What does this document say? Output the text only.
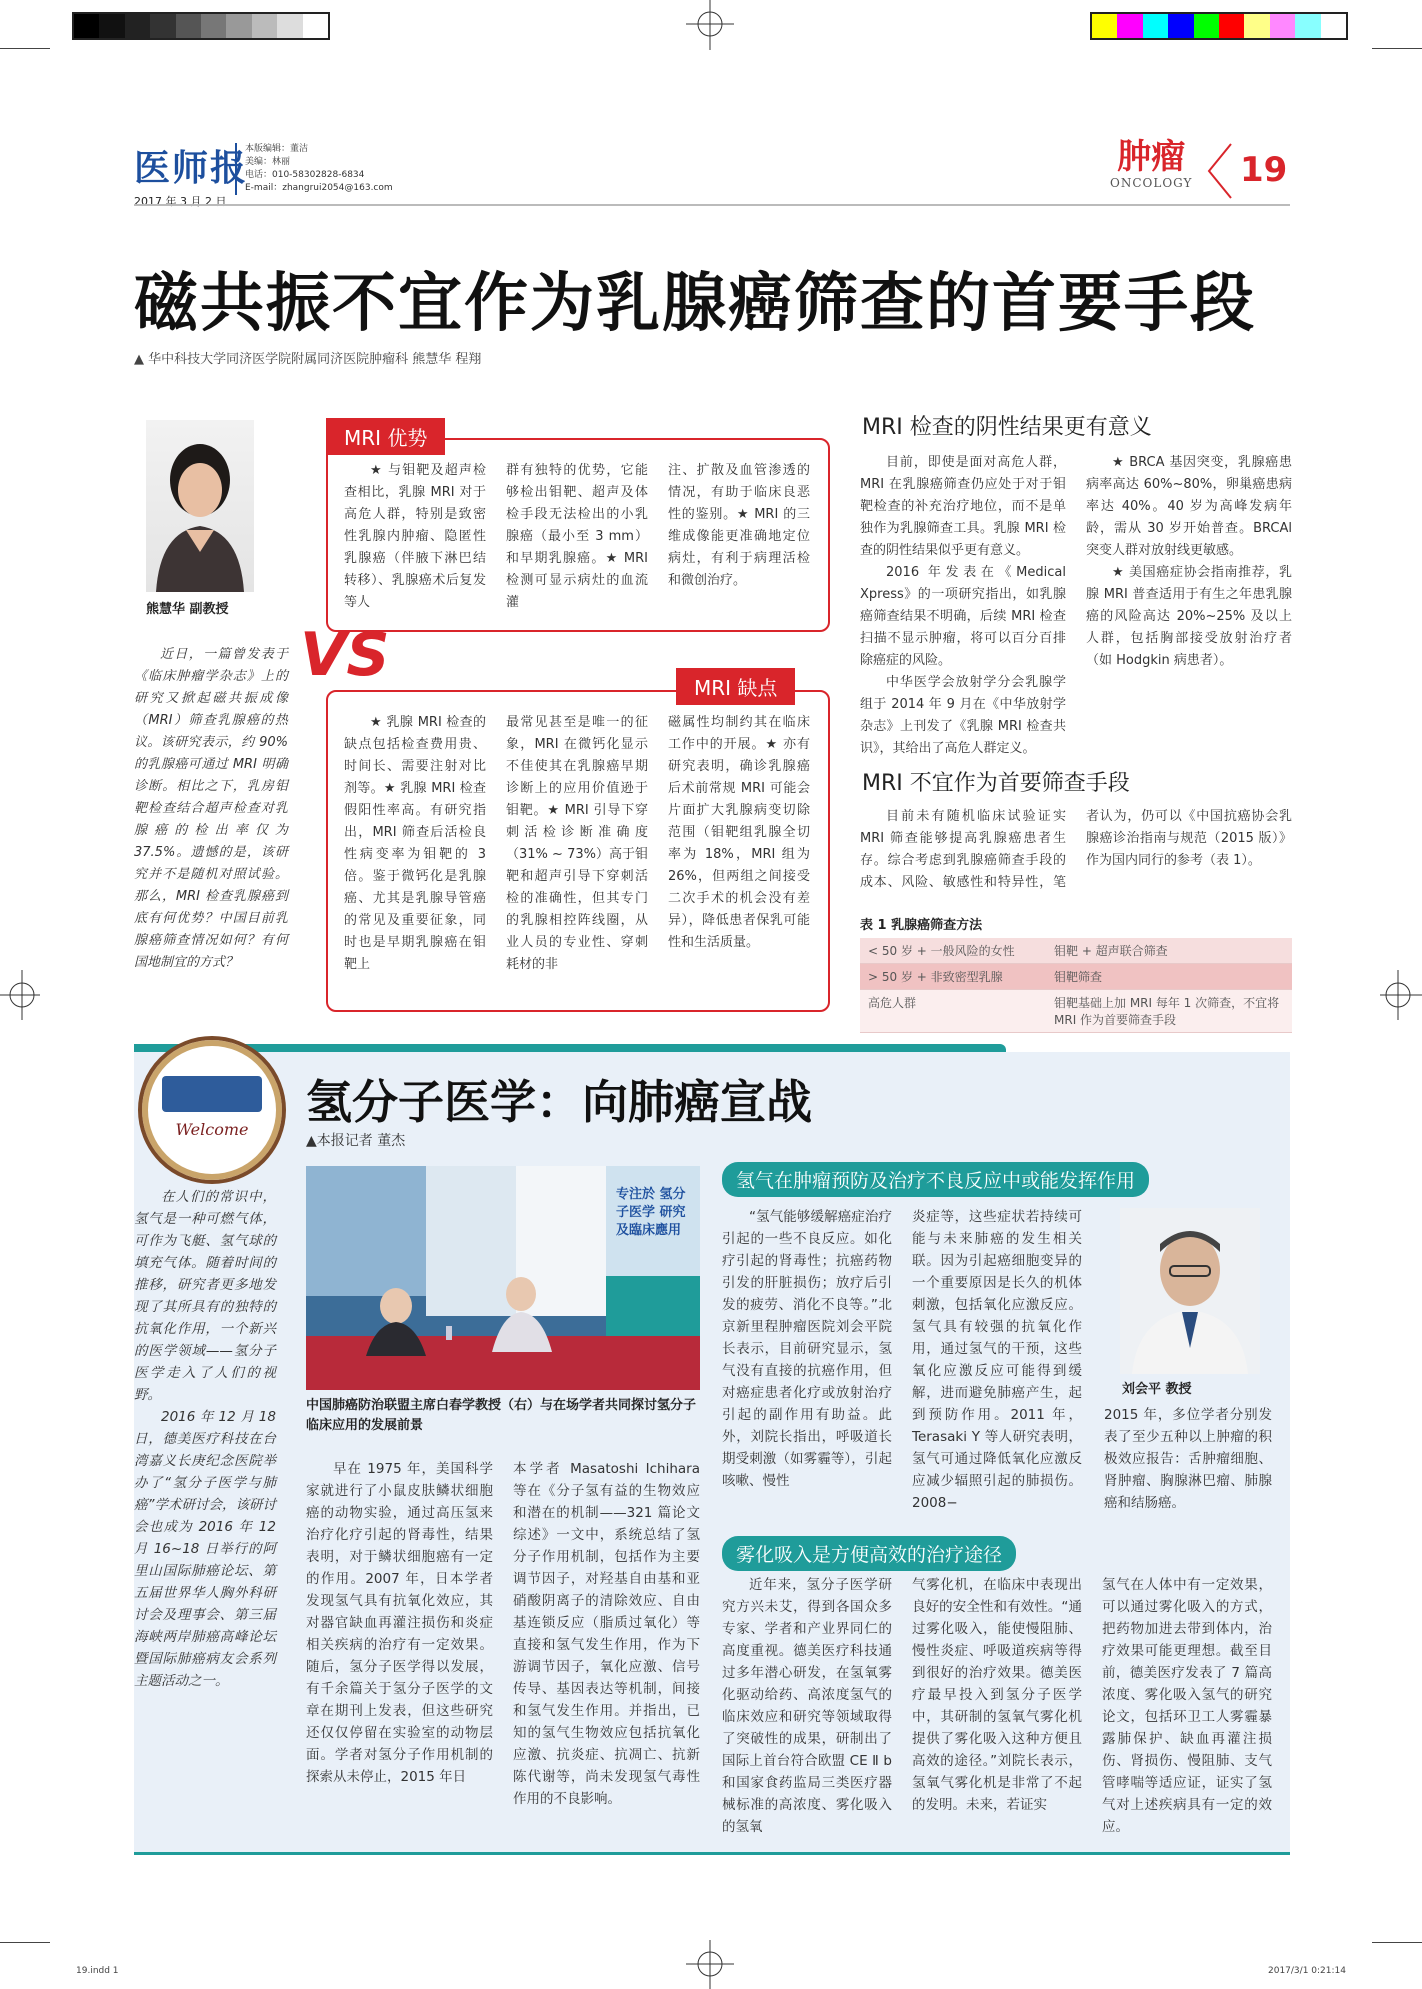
医师报
2017 年 3 月 2 日
本版编辑：董洁
美编：林丽
电话：010-58302828-6834
E-mail：zhangrui2054@163.com
肿瘤
ONCOLOGY 19
磁共振不宜作为乳腺癌筛查的首要手段
▲ 华中科技大学同济医学院附属同济医院肿瘤科 熊慧华 程翔
熊慧华 副教授
近日，一篇曾发表于《临床肿瘤学杂志》上的研究又掀起磁共振成像（MRI）筛查乳腺癌的热议。该研究表示，约 90% 的乳腺癌可通过 MRI 明确诊断。相比之下，乳房钼靶检查结合超声检查对乳腺癌的检出率仅为 37.5%。遗憾的是，该研究并不是随机对照试验。那么，MRI 检查乳腺癌到底有何优势？中国目前乳腺癌筛查情况如何？有何国地制宜的方式？
MRI 优势
★ 与钼靶及超声检查相比，乳腺 MRI 对于高危人群，特别是致密性乳腺内肿瘤、隐匿性乳腺癌（伴腋下淋巴结转移）、乳腺癌术后复发等人
群有独特的优势，它能够检出钼靶、超声及体检手段无法检出的小乳腺癌（最小至 3 mm）和早期乳腺癌。★ MRI 检测可显示病灶的血流灌
注、扩散及血管渗透的情况，有助于临床良恶性的鉴别。★ MRI 的三维成像能更准确地定位病灶，有利于病理活检和微创治疗。
VS	MRI 缺点
★ 乳腺 MRI 检查的缺点包括检查费用贵、时间长、需要注射对比剂等。★ 乳腺 MRI 检查假阳性率高。有研究指出，MRI 筛查后活检良性病变率为钼靶的 3 倍。鉴于微钙化是乳腺癌、尤其是乳腺导管癌的常见及重要征象，同时也是早期乳腺癌在钼靶上
最常见甚至是唯一的征象，MRI 在微钙化显示不佳使其在乳腺癌早期诊断上的应用价值逊于钼靶。★ MRI 引导下穿刺活检诊断准确度（31% ~ 73%）高于钼靶和超声引导下穿刺活检的准确性，但其专门的乳腺相控阵线圈，从业人员的专业性、穿刺耗材的非
磁属性均制约其在临床工作中的开展。★ 亦有研究表明，确诊乳腺癌后术前常规 MRI 可能会片面扩大乳腺病变切除范围（钼靶组乳腺全切率为 18%，MRI 组为 26%，但两组之间接受二次手术的机会没有差异），降低患者保乳可能性和生活质量。
MRI 检查的阴性结果更有意义

目前，即使是面对高危人群，MRI 在乳腺癌筛查仍应处于对于钼靶检查的补充治疗地位，而不是单独作为乳腺筛查工具。乳腺 MRI 检查的阴性结果似乎更有意义。

2016 年发表在《Medical Xpress》的一项研究指出，如乳腺癌筛查结果不明确，后续 MRI 检查扫描不显示肿瘤，将可以百分百排除癌症的风险。

中华医学会放射学分会乳腺学组于 2014 年 9 月在《中华放射学杂志》上刊发了《乳腺 MRI 检查共识》，其给出了高危人群定义。

★ BRCA 基因突变，乳腺癌患病率高达 60%~80%，卵巢癌患病率达 40%。40 岁为高峰发病年龄，需从 30 岁开始普查。BRCAl 突变人群对放射线更敏感。

★ 美国癌症协会指南推荐，乳腺 MRI 普查适用于有生之年患乳腺癌的风险高达 20%~25% 及以上人群，包括胸部接受放射治疗者（如 Hodgkin 病患者）。

MRI 不宜作为首要筛查手段
目前未有随机临床试验证实 MRI 筛查能够提高乳腺癌患者生存。综合考虑到乳腺癌筛查手段的成本、风险、敏感性和特异性，笔者认为，仍可以《中国抗癌协会乳腺癌诊治指南与规范（2015 版）》作为国内同行的参考（表 1）。
表 1 乳腺癌筛查方法
< 50 岁 + 一般风险的女性	钼靶 + 超声联合筛查
> 50 岁 + 非致密型乳腺	钼靶筛查
高危人群	钼靶基础上加 MRI 每年 1 次筛查，不宜将 MRI 作为首要筛查手段
Welcome
氢分子医学：向肺癌宣战
▲本报记者 董杰
在人们的常识中，氢气是一种可燃气体，可作为飞艇、氢气球的填充气体。随着时间的推移，研究者更多地发现了其所具有的独特的抗氧化作用，一个新兴的医学领域——氢分子医学走入了人们的视野。
2016 年 12 月 18 日，德美医疗科技在台湾嘉义长庚纪念医院举办了“氢分子医学与肺癌”学术研讨会，该研讨会也成为 2016 年 12 月 16~18 日举行的阿里山国际肺癌论坛、第五届世界华人胸外科研讨会及理事会、第三届海峡两岸肺癌高峰论坛暨国际肺癌病友会系列主题活动之一。
专注於 氢分子医学 研究及臨床應用
中国肺癌防治联盟主席白春学教授（右）与在场学者共同探讨氢分子临床应用的发展前景
早在 1975 年，美国科学家就进行了小鼠皮肤鳞状细胞癌的动物实验，通过高压氢来治疗化疗引起的肾毒性，结果表明，对于鳞状细胞癌有一定的作用。2007 年，日本学者发现氢气具有抗氧化效应，其对器官缺血再灌注损伤和炎症相关疾病的治疗有一定效果。随后，氢分子医学得以发展，有千余篇关于氢分子医学的文章在期刊上发表，但这些研究还仅仅停留在实验室的动物层面。学者对氢分子作用机制的探索从未停止，2015 年日
本学者 Masatoshi Ichihara 等在《分子氢有益的生物效应和潜在的机制——321 篇论文综述》一文中，系统总结了氢分子作用机制，包括作为主要调节因子，对羟基自由基和亚硝酸阴离子的清除效应、自由基连锁反应（脂质过氧化）等直接和氢气发生作用，作为下游调节因子，氧化应激、信号传导、基因表达等机制，间接和氢气发生作用。并指出，已知的氢气生物效应包括抗氧化应激、抗炎症、抗凋亡、抗新陈代谢等，尚未发现氢气毒性作用的不良影响。
氢气在肿瘤预防及治疗不良反应中或能发挥作用
“氢气能够缓解癌症治疗引起的一些不良反应。如化疗引起的肾毒性；抗癌药物引发的肝脏损伤；放疗后引发的疲劳、消化不良等。”北京新里程肿瘤医院刘会平院长表示，目前研究显示，氢气没有直接的抗癌作用，但对癌症患者化疗或放射治疗引起的副作用有助益。此外，刘院长指出，呼吸道长期受刺激（如雾霾等），引起咳嗽、慢性
炎症等，这些症状若持续可能与未来肺癌的发生相关联。因为引起癌细胞变异的一个重要原因是长久的机体刺激，包括氧化应激反应。氢气具有较强的抗氧化作用，通过氢气的干预，这些氧化应激反应可能得到缓解，进而避免肺癌产生，起到预防作用。2011 年，Terasaki Y 等人研究表明，氢气可通过降低氧化应激反应减少辐照引起的肺损伤。2008−
刘会平 教授
2015 年，多位学者分别发表了至少五种以上肿瘤的积极效应报告：舌肿瘤细胞、肾肿瘤、胸腺淋巴瘤、肺腺癌和结肠癌。
雾化吸入是方便高效的治疗途径
近年来，氢分子医学研究方兴未艾，得到各国众多专家、学者和产业界同仁的高度重视。德美医疗科技通过多年潜心研发，在氢氧雾化驱动给药、高浓度氢气的临床效应和研究等领域取得了突破性的成果，研制出了国际上首台符合欧盟 CE Ⅱ b 和国家食药监局三类医疗器械标准的高浓度、雾化吸入的氢氧
气雾化机，在临床中表现出良好的安全性和有效性。“通过雾化吸入，能使慢阻肺、慢性炎症、呼吸道疾病等得到很好的治疗效果。德美医疗最早投入到氢分子医学中，其研制的氢氧气雾化机提供了雾化吸入这种方便且高效的途径。”刘院长表示，氢氧气雾化机是非常了不起的发明。未来，若证实
氢气在人体中有一定效果，可以通过雾化吸入的方式，把药物加进去带到体内，治疗效果可能更理想。截至目前，德美医疗发表了 7 篇高浓度、雾化吸入氢气的研究论文，包括环卫工人雾霾暴露肺保护、缺血再灌注损伤、肾损伤、慢阻肺、支气管哮喘等适应证，证实了氢气对上述疾病具有一定的效应。
19.indd 1	2017/3/1 0:21:14
